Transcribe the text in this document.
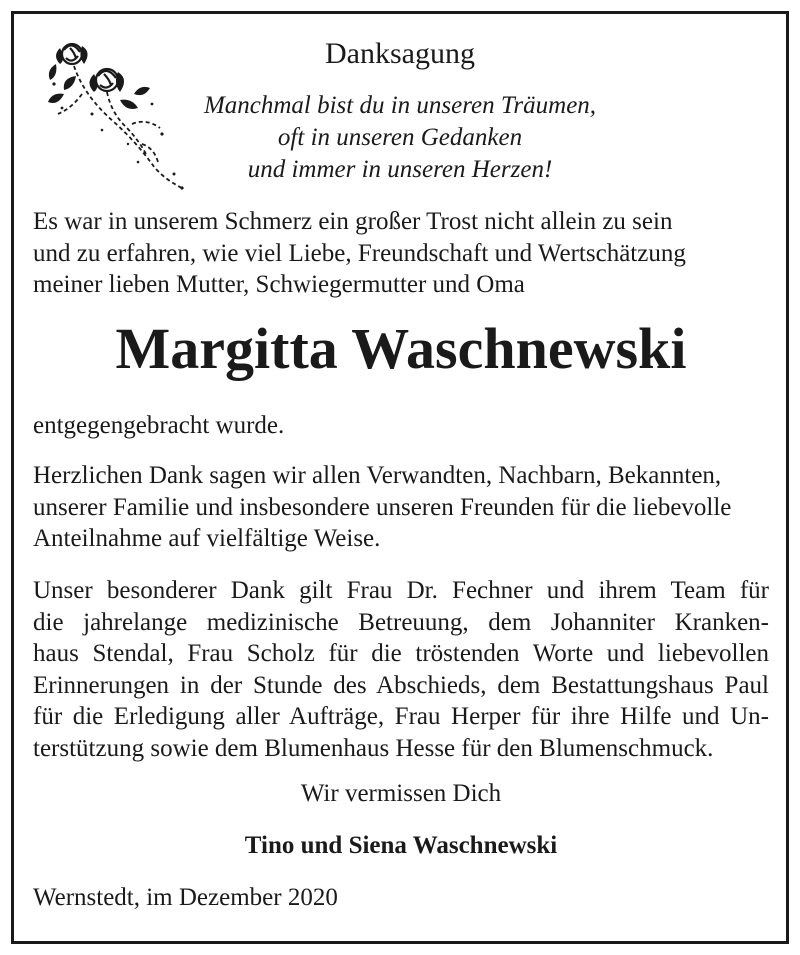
Danksagung
Manchmal bist du in unseren Träumen,
oft in unseren Gedanken
und immer in unseren Herzen!
Es war in unserem Schmerz ein großer Trost nicht allein zu sein
und zu erfahren, wie viel Liebe, Freundschaft und Wertschätzung
meiner lieben Mutter, Schwiegermutter und Oma
Margitta Waschnewski
entgegengebracht wurde.
Herzlichen Dank sagen wir allen Verwandten, Nachbarn, Bekannten,
unserer Familie und insbesondere unseren Freunden für die liebevolle
Anteilnahme auf vielfältige Weise.
Unser besonderer Dank gilt Frau Dr. Fechner und ihrem Team für
die jahrelange medizinische Betreuung, dem Johanniter Kranken-
haus Stendal, Frau Scholz für die tröstenden Worte und liebevollen
Erinnerungen in der Stunde des Abschieds, dem Bestattungshaus Paul
für die Erledigung aller Aufträge, Frau Herper für ihre Hilfe und Un-
terstützung sowie dem Blumenhaus Hesse für den Blumenschmuck.
Wir vermissen Dich
Tino und Siena Waschnewski
Wernstedt, im Dezember 2020
